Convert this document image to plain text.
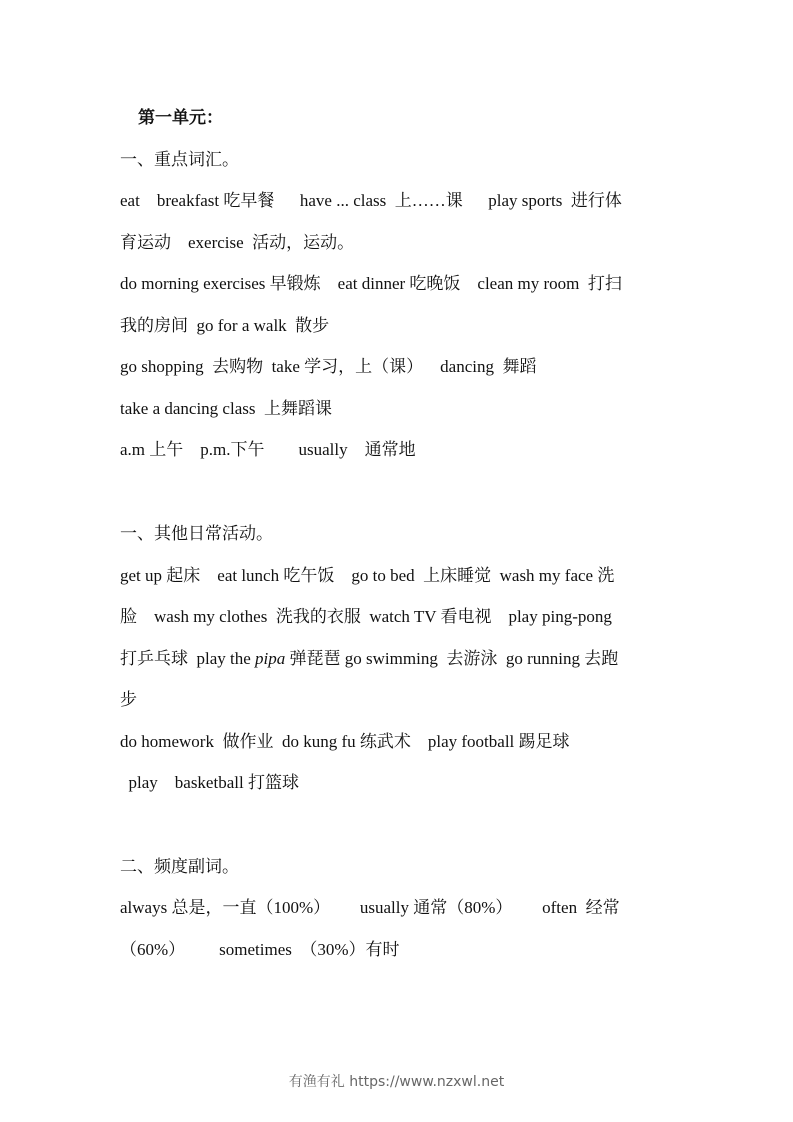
第一单元：
一、重点词汇。
eat    breakfast 吃早餐      have ... class  上……课      play sports  进行体
育运动    exercise  活动，运动。
do morning exercises 早锻炼    eat dinner 吃晚饭    clean my room  打扫
我的房间  go for a walk  散步
go shopping  去购物  take 学习，上（课）    dancing  舞蹈
take a dancing class  上舞蹈课
a.m 上午    p.m.下午        usually    通常地
一、其他日常活动。
get up 起床    eat lunch 吃午饭    go to bed  上床睡觉  wash my face 洗
脸    wash my clothes  洗我的衣服  watch TV 看电视    play ping-pong
打乒乓球  play the pipa 弹琵琶 go swimming  去游泳  go running 去跑
步
do homework  做作业  do kung fu 练武术    play football 踢足球
play    basketball 打篮球
二、频度副词。
always 总是，一直（100%）       usually 通常（80%）       often  经常
（60%）        sometimes  （30%）有时
有渔有礼 https://www.nzxwl.net
